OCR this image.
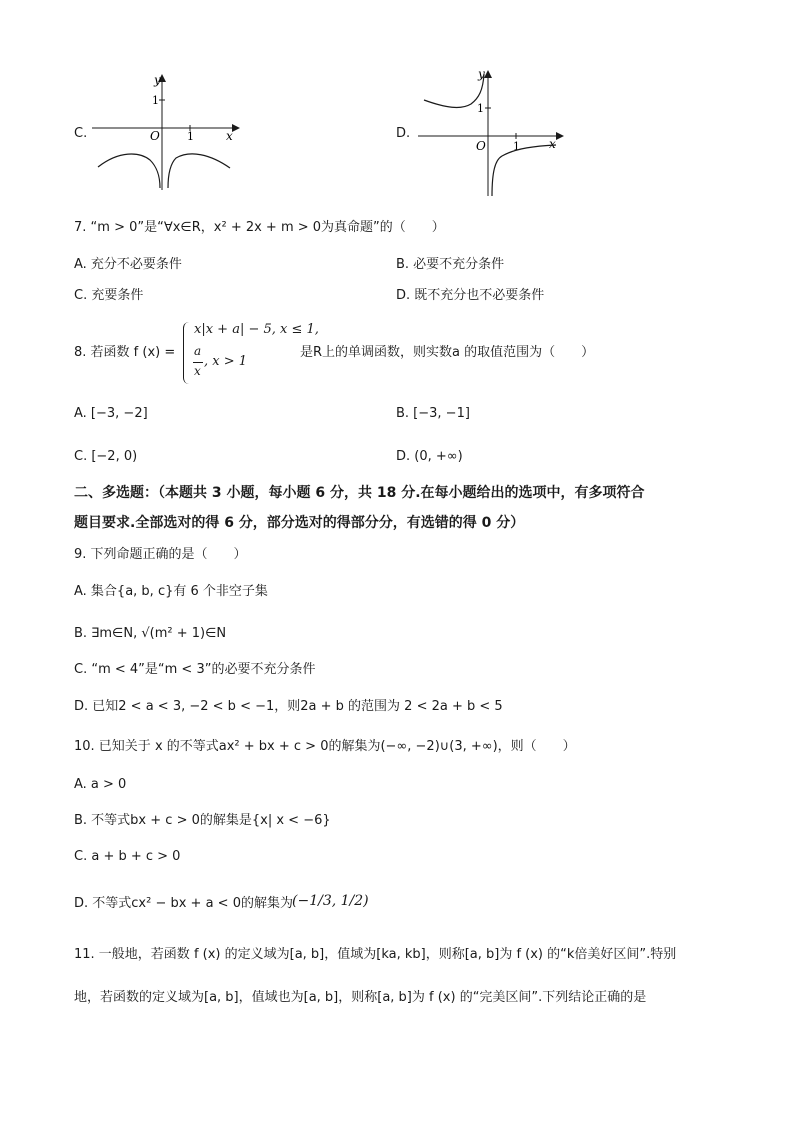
C.
y
x
O 1
1
D.
y
x
O 1
1
7. “m > 0”是“∀x∈R，x² + 2x + m > 0为真命题”的（　　）
A. 充分不必要条件	B. 必要不充分条件
C. 充要条件	D. 既不充分也不必要条件
8. 若函数 f (x) =
x|x + a| − 5, x ≤ 1,
a
x
, x > 1
是R上的单调函数，则实数a 的取值范围为（　　）
A. [−3, −2]	B. [−3, −1]
C. [−2, 0)	D. (0, +∞)
二、多选题：（本题共 3 小题，每小题 6 分，共 18 分.在每小题给出的选项中，有多项符合
题目要求.全部选对的得 6 分，部分选对的得部分分，有选错的得 0 分）
9. 下列命题正确的是（　　）
A. 集合{a, b, c}有 6 个非空子集
B. ∃m∈N, √(m² + 1)∈N
C. “m < 4”是“m < 3”的必要不充分条件
D. 已知2 < a < 3, −2 < b < −1，则2a + b 的范围为 2 < 2a + b < 5
10. 已知关于 x 的不等式ax² + bx + c > 0的解集为(−∞, −2)∪(3, +∞)，则（　　）
A. a > 0
B. 不等式bx + c > 0的解集是{x| x < −6}
C. a + b + c > 0
D. 不等式cx² − bx + a < 0的解集为 (−1/3, 1/2)
11. 一般地，若函数 f (x) 的定义域为[a, b]，值域为[ka, kb]，则称[a, b]为 f (x) 的“k倍美好区间”.特别
地，若函数的定义域为[a, b]，值域也为[a, b]，则称[a, b]为 f (x) 的“完美区间”.下列结论正确的是
